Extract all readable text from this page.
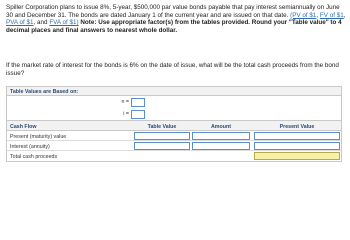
Spiller Corporation plans to issue 8%, 5-year, $500,000 par value bonds payable that pay interest semiannually on June 30 and December 31. The bonds are dated January 1 of the current year and are issued on that date. (PV of $1, FV of $1, PVA of $1, and FVA of $1) Note: Use appropriate factor(s) from the tables provided. Round your "Table value" to 4 decimal places and final answers to nearest whole dollar.
If the market rate of interest for the bonds is 6% on the date of issue, what will be the total cash proceeds from the bond issue?
Table Values are Based on:
n =
i =
Cash Flow	Table Value	Amount	Present Value
Present (maturity) value
Interest (annuity)
Total cash proceeds
